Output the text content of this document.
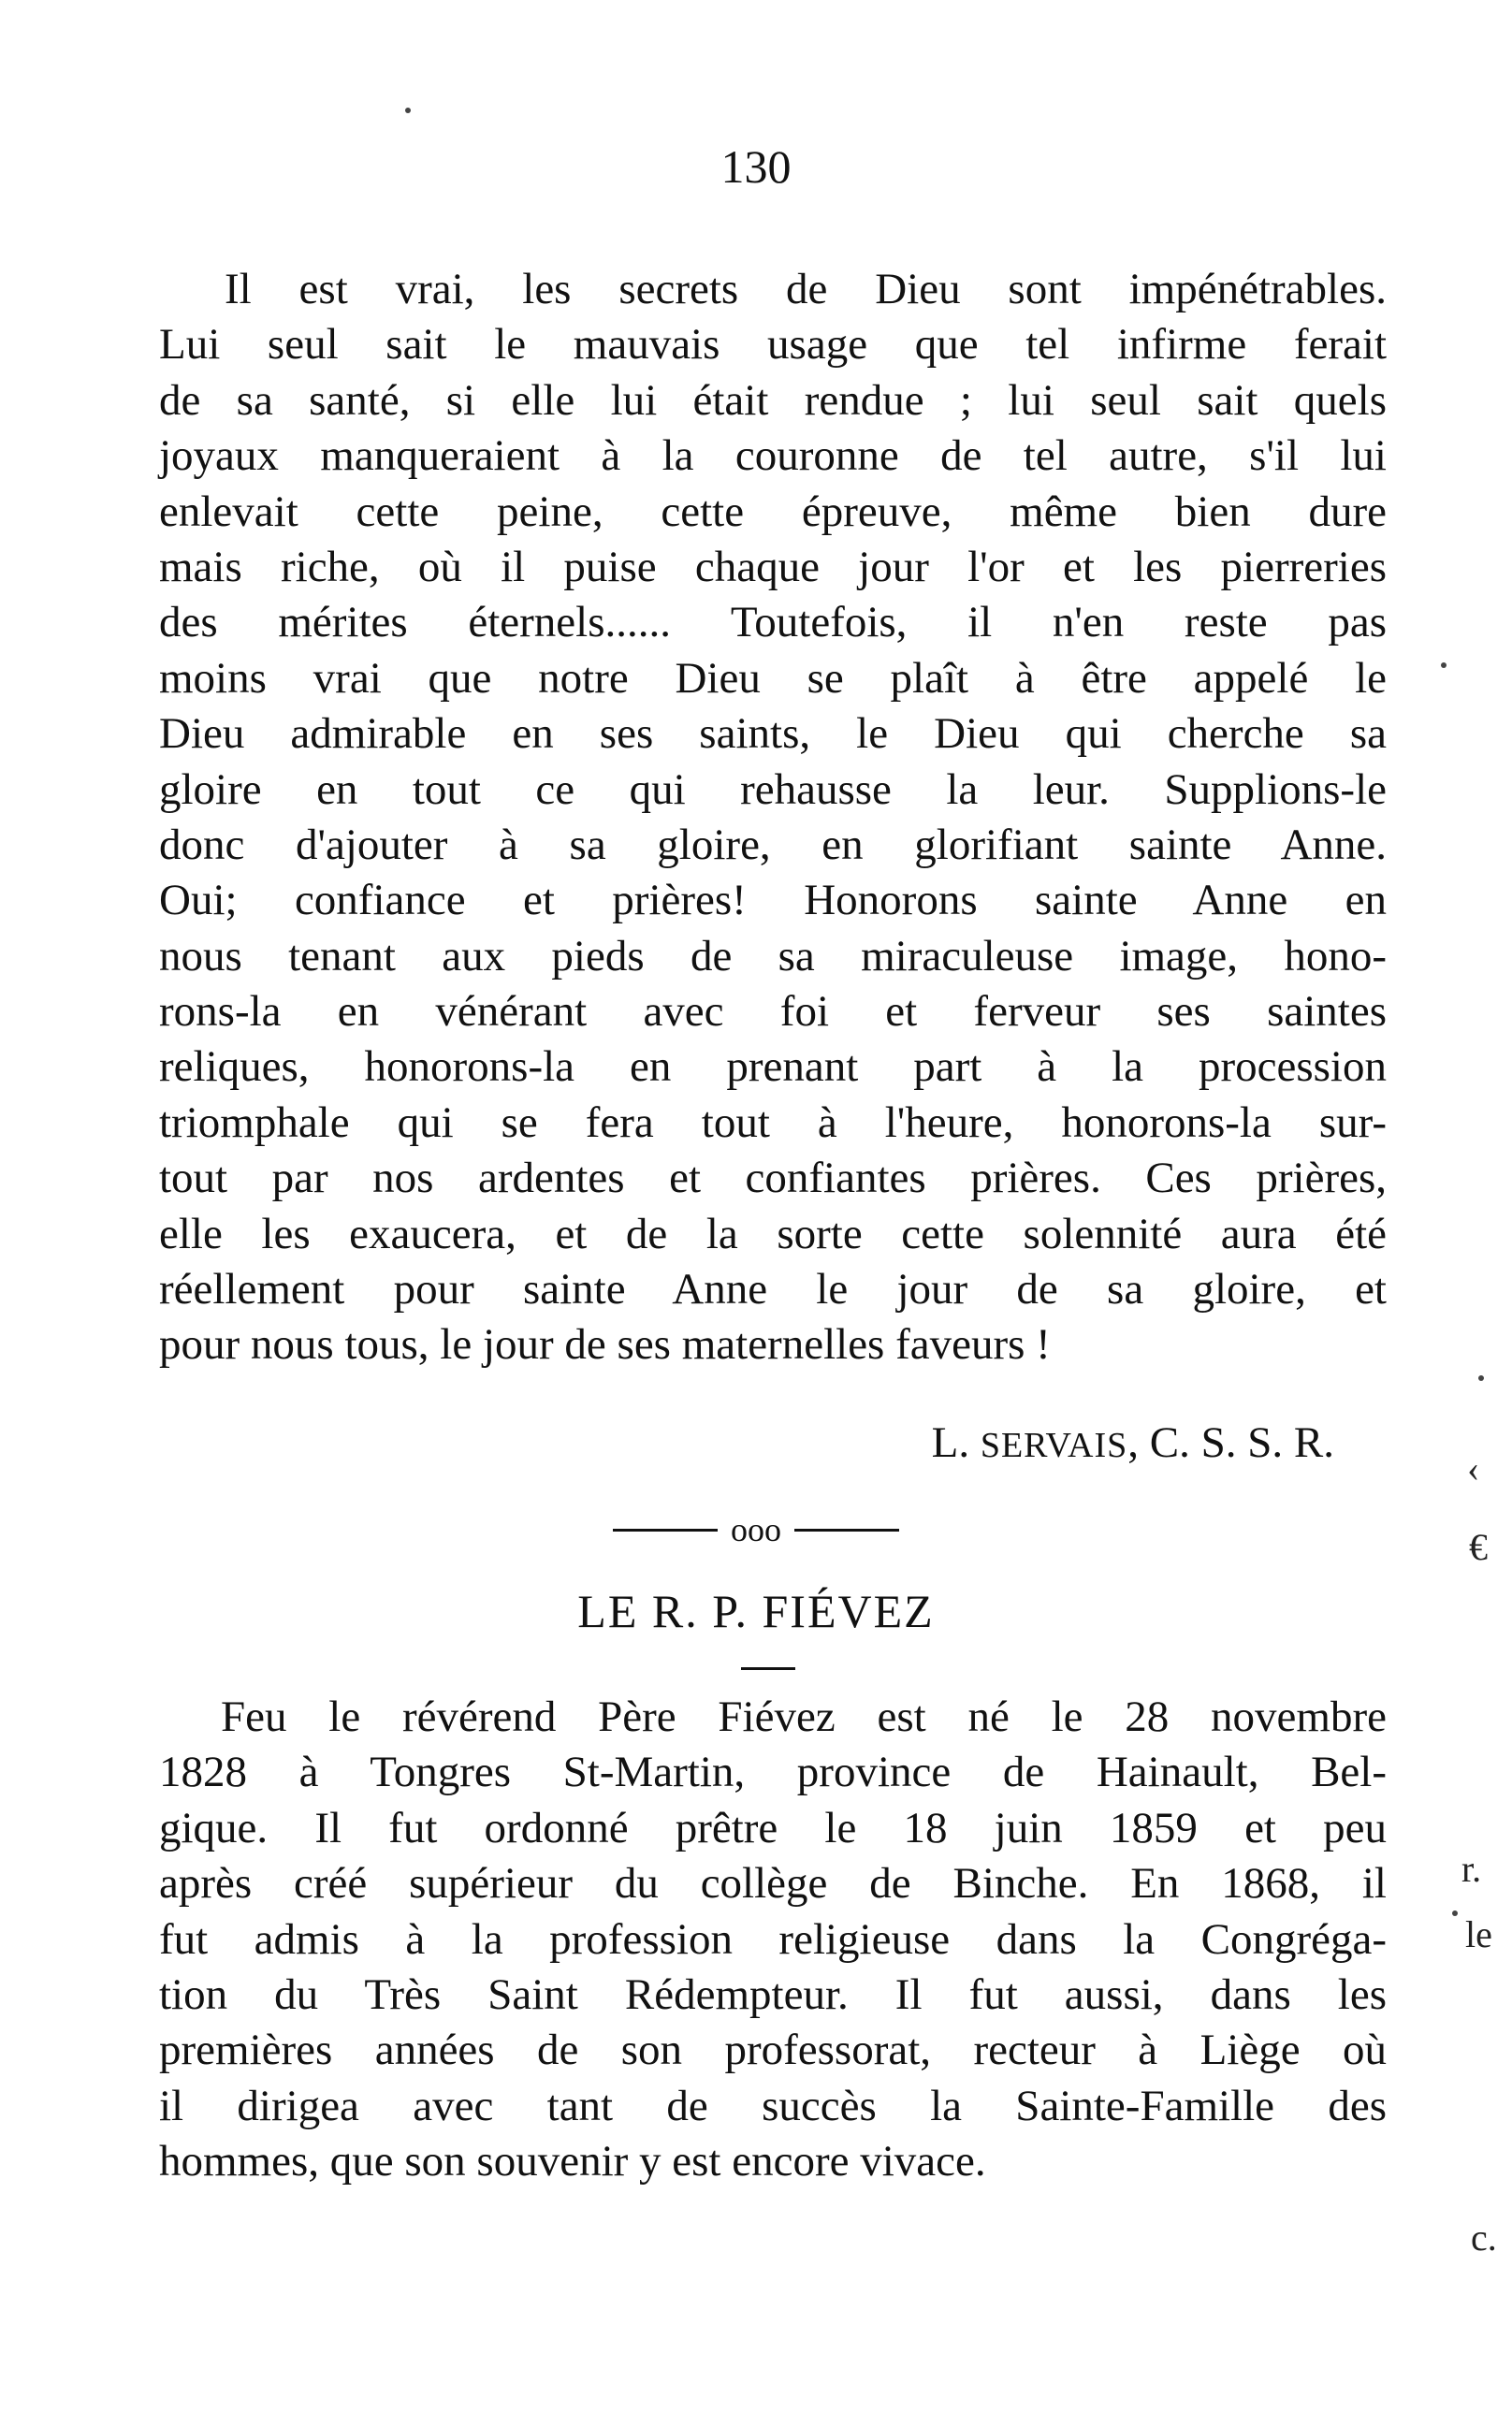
130
Il est vrai, les secrets de Dieu sont impénétrables.
Lui seul sait le mauvais usage que tel infirme ferait
de sa santé, si elle lui était rendue ; lui seul sait quels
joyaux manqueraient à la couronne de tel autre, s'il lui
enlevait cette peine, cette épreuve, même bien dure
mais riche, où il puise chaque jour l'or et les pierreries
des mérites éternels...... Toutefois, il n'en reste pas
moins vrai que notre Dieu se plaît à être appelé le
Dieu admirable en ses saints, le Dieu qui cherche sa
gloire en tout ce qui rehausse la leur. Supplions-le
donc d'ajouter à sa gloire, en glorifiant sainte Anne.
Oui; confiance et prières! Honorons sainte Anne en
nous tenant aux pieds de sa miraculeuse image, hono-
rons-la en vénérant avec foi et ferveur ses saintes
reliques, honorons-la en prenant part à la procession
triomphale qui se fera tout à l'heure, honorons-la sur-
tout par nos ardentes et confiantes prières. Ces prières,
elle les exaucera, et de la sorte cette solennité aura été
réellement pour sainte Anne le jour de sa gloire, et
pour nous tous, le jour de ses maternelles faveurs !
L. SERVAIS, C. S. S. R.
ooo
LE R. P. FIÉVEZ
Feu le révérend Père Fiévez est né le 28 novembre
1828 à Tongres St-Martin, province de Hainault, Bel-
gique. Il fut ordonné prêtre le 18 juin 1859 et peu
après créé supérieur du collège de Binche. En 1868, il
fut admis à la profession religieuse dans la Congréga-
tion du Très Saint Rédempteur. Il fut aussi, dans les
premières années de son professorat, recteur à Liège où
il dirigea avec tant de succès la Sainte-Famille des
hommes, que son souvenir y est encore vivace.
‹
€
r.
le
c.
